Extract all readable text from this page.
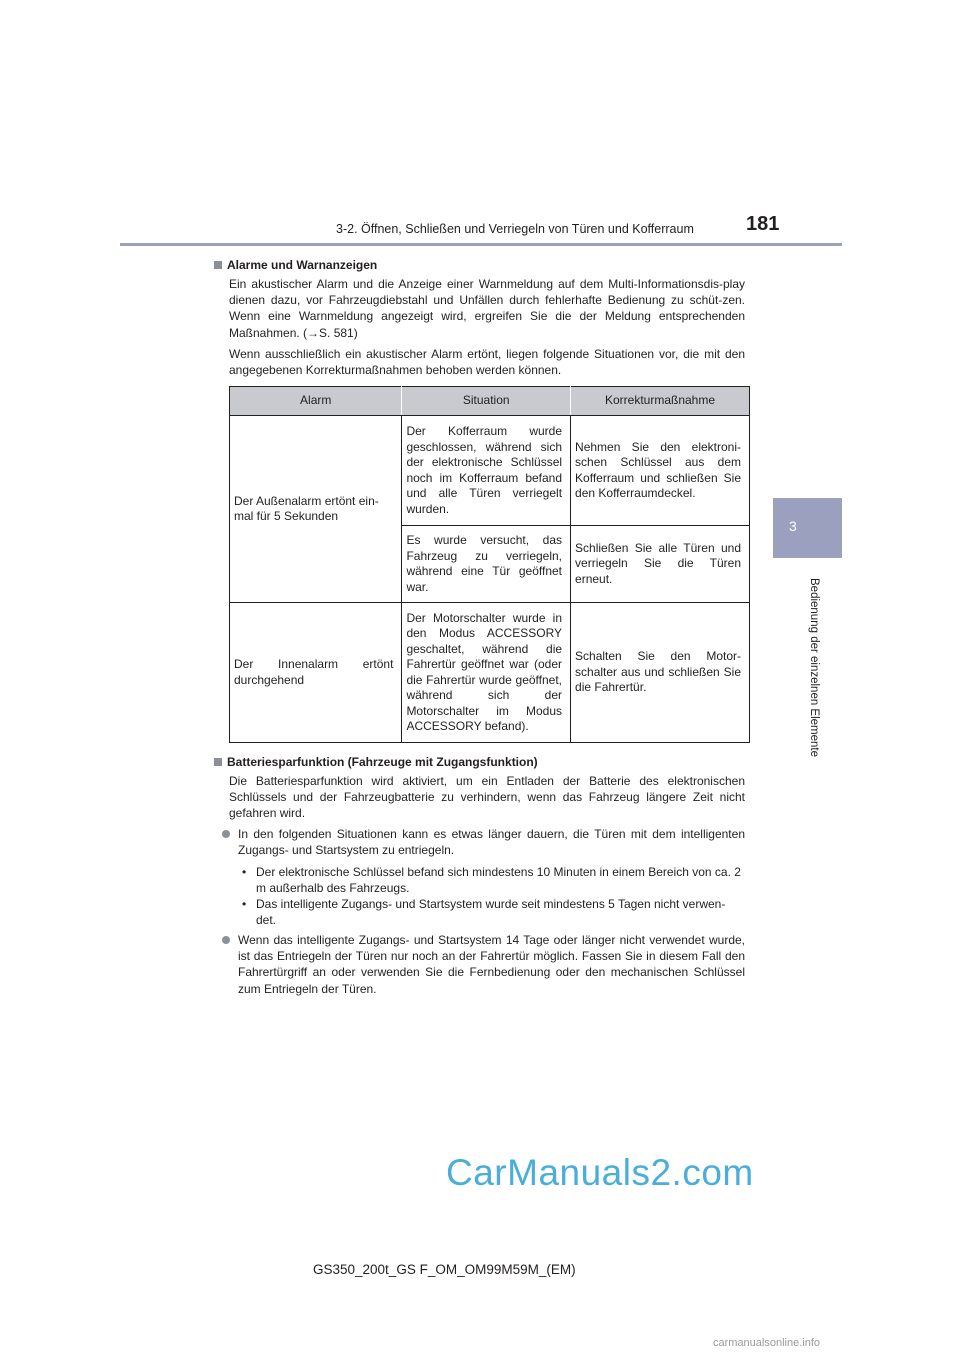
3-2. Öffnen, Schließen und Verriegeln von Türen und Kofferraum	181
3
Bedienung der einzelnen Elemente
Alarme und Warnanzeigen

Ein akustischer Alarm und die Anzeige einer Warnmeldung auf dem Multi-Informationsdis-play dienen dazu, vor Fahrzeugdiebstahl und Unfällen durch fehlerhafte Bedienung zu schüt-zen. Wenn eine Warnmeldung angezeigt wird, ergreifen Sie die der Meldung entsprechenden Maßnahmen. (→S. 581)

Wenn ausschließlich ein akustischer Alarm ertönt, liegen folgende Situationen vor, die mit den angegebenen Korrekturmaßnahmen behoben werden können.

Alarm	Situation	Korrekturmaßnahme
Der Außenalarm ertönt ein-mal für 5 Sekunden	Der Kofferraum wurde geschlossen, während sich der elektronische Schlüssel noch im Kofferraum befand und alle Türen verriegelt wurden.	Nehmen Sie den elektroni-schen Schlüssel aus dem Kofferraum und schließen Sie den Kofferraumdeckel.
	Es wurde versucht, das Fahrzeug zu verriegeln, während eine Tür geöffnet war.	Schließen Sie alle Türen und verriegeln Sie die Türen erneut.
Der Innenalarm ertönt durchgehend	Der Motorschalter wurde in den Modus ACCESSORY geschaltet, während die Fahrertür geöffnet war (oder die Fahrertür wurde geöffnet, während sich der Motorschalter im Modus ACCESSORY befand).	Schalten Sie den Motor-schalter aus und schließen Sie die Fahrertür.
Batteriesparfunktion (Fahrzeuge mit Zugangsfunktion)

Die Batteriesparfunktion wird aktiviert, um ein Entladen der Batterie des elektronischen Schlüssels und der Fahrzeugbatterie zu verhindern, wenn das Fahrzeug längere Zeit nicht gefahren wird.

In den folgenden Situationen kann es etwas länger dauern, die Türen mit dem intelligenten Zugangs- und Startsystem zu entriegeln.
• Der elektronische Schlüssel befand sich mindestens 10 Minuten in einem Bereich von ca. 2 m außerhalb des Fahrzeugs.
• Das intelligente Zugangs- und Startsystem wurde seit mindestens 5 Tagen nicht verwen-det.
Wenn das intelligente Zugangs- und Startsystem 14 Tage oder länger nicht verwendet wurde, ist das Entriegeln der Türen nur noch an der Fahrertür möglich. Fassen Sie in diesem Fall den Fahrertürgriff an oder verwenden Sie die Fernbedienung oder den mechanischen Schlüssel zum Entriegeln der Türen.
CarManuals2.com
GS350_200t_GS F_OM_OM99M59M_(EM)
carmanualsonline.info
